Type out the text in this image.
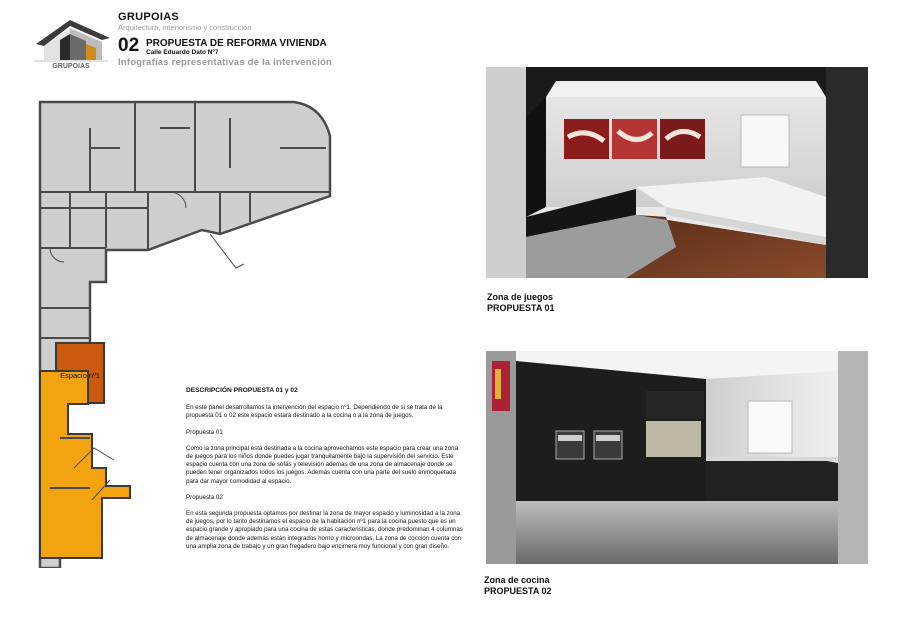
GRUPOIAS
GRUPOIAS
Arquitectura, interiorismo y construcción
02 PROPUESTA DE REFORMA VIVIENDA
Calle Eduardo Dato Nº7
Infografías representativas de la intervención
Espacio nº1
DESCRIPCIÓN PROPUESTA 01 y 02

En este panel desarrollamos la intervención del espacio nº1. Dependiendo de si se trata de la propuesta 01 o 02 este espacio estará destinado a la cocina o a la zona de juegos.

Propuesta 01

Como la zona principal está destinada a la cocina aprovechamos este espacio para crear una zona de juegos para los niños donde puedes jugar tranquilamente bajo la supervisión del servicio. Este espacio cuenta con una zona de sofás y televisión ademas de una zona de almacenaje donde se pueden tener organizados todos los juegos. Además cuenta con una parte del suelo enmoquetada para dar mayor comodidad al espacio.

Propuesta 02

En esta segunda propuesta optamos por destinar la zona de mayor espacio y luminosidad a la zona de juegos, por lo tanto destinamos el espacio de la habitación nº1 para la cocina puesto que es un espacio grande y apropiado para una cocina de estas caracteristicas, donde predominan 4 columnas de almacenaje donde además están integrados horno y microondas. La zona de cocción cuenta con una amplia zona de trabajo y un gran fregadero bajo encimera muy funcional y con gran diseño.

Zona de juegos
PROPUESTA 01
Zona de cocina
PROPUESTA 02
